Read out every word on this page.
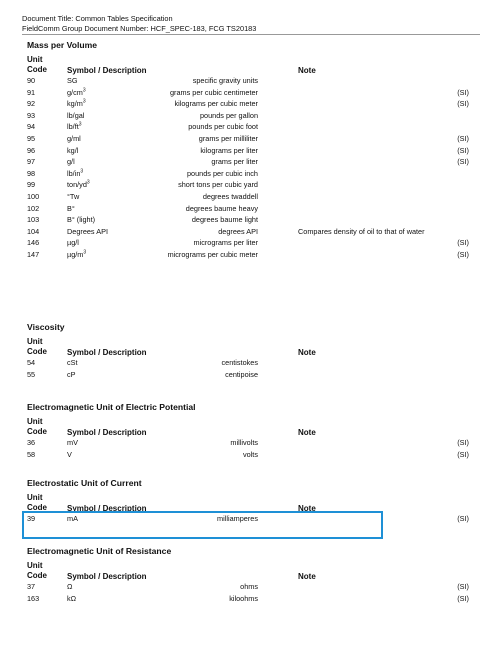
Document Title: Common Tables Specification
FieldComm Group Document Number: HCF_SPEC-183, FCG TS20183
Mass per Volume
Unit
Code	Symbol / Description	Note
90	SG	specific gravity units
91	$g/cm^3$	grams per cubic centimeter	(SI)
92	$kg/m^3$	kilograms per cubic meter	(SI)
93	lb/gal	pounds per gallon
94	$lb/ft^3$	pounds per cubic foot
95	g/ml	grams per milliliter	(SI)
96	kg/l	kilograms per liter	(SI)
97	g/l	grams per liter	(SI)
98	$lb/in^3$	pounds per cubic inch
99	ton/$yd^3$	short tons per cubic yard
100	°Tw	degrees twaddell
102	B°	degrees baume heavy
103	B° (light)	degrees baume light
104	Degrees API	degrees API	Compares density of oil to that of water
146	µg/l	micrograms per liter	(SI)
147	$\mu g/m^3$	micrograms per cubic meter	(SI)
Viscosity
Unit
Code	Symbol / Description	Note
54	cSt	centistokes
55	cP	centipoise
Electromagnetic Unit of Electric Potential
Unit
Code	Symbol / Description	Note
36	mV	millivolts	(SI)
58	V	volts	(SI)
Electrostatic Unit of Current
Unit
Code	Symbol / Description	Note
39	mA	milliamperes	(SI)
Electromagnetic Unit of Resistance
Unit
Code	Symbol / Description	Note
37	Ω	ohms	(SI)
163	kΩ	kiloohms	(SI)
